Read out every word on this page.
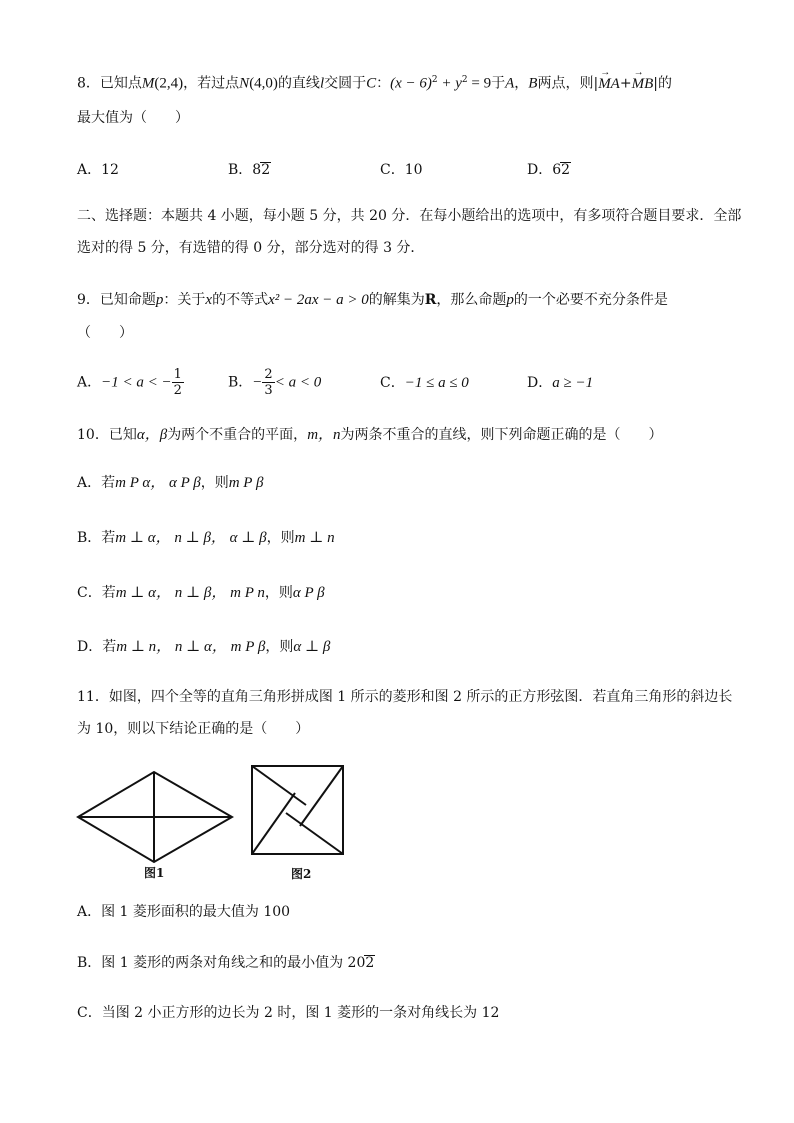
8．已知点M(2,4)，若过点N(4,0)的直线l交圆于C：$(x - 6)^2 + y^2 = 9$于A，B两点，则|→ MA+→ MB|的
最大值为（　　）
A．12	B．82	C．10	D．62
二、选择题：本题共 4 小题，每小题 5 分，共 20 分．在每小题给出的选项中，有多项符合题目要求．全部
选对的得 5 分，有选错的得 0 分，部分选对的得 3 分．
9．已知命题p：关于x的不等式x² − 2ax − a > 0的解集为R，那么命题p的一个必要不充分条件是
（　　）
A．−1 < a < − $\frac{1}{2}$	B．− $\frac{2}{3} < a < 0$	C．−1 ≤ a ≤ 0	D．a ≥ −1
10．已知α，β为两个不重合的平面，m，n为两条不重合的直线，则下列命题正确的是（　　）
A．若m P α， α P β，则m P β
B．若m ⊥ α， n ⊥ β， α ⊥ β，则m ⊥ n
C．若m ⊥ α， n ⊥ β， m P n，则α P β
D．若m ⊥ n， n ⊥ α， m P β，则α ⊥ β
11．如图，四个全等的直角三角形拼成图 1 所示的菱形和图 2 所示的正方形弦图．若直角三角形的斜边长
为 10，则以下结论正确的是（　　）
图1	图2
A．图 1 菱形面积的最大值为 100
B．图 1 菱形的两条对角线之和的最小值为 202
C．当图 2 小正方形的边长为 2 时，图 1 菱形的一条对角线长为 12
